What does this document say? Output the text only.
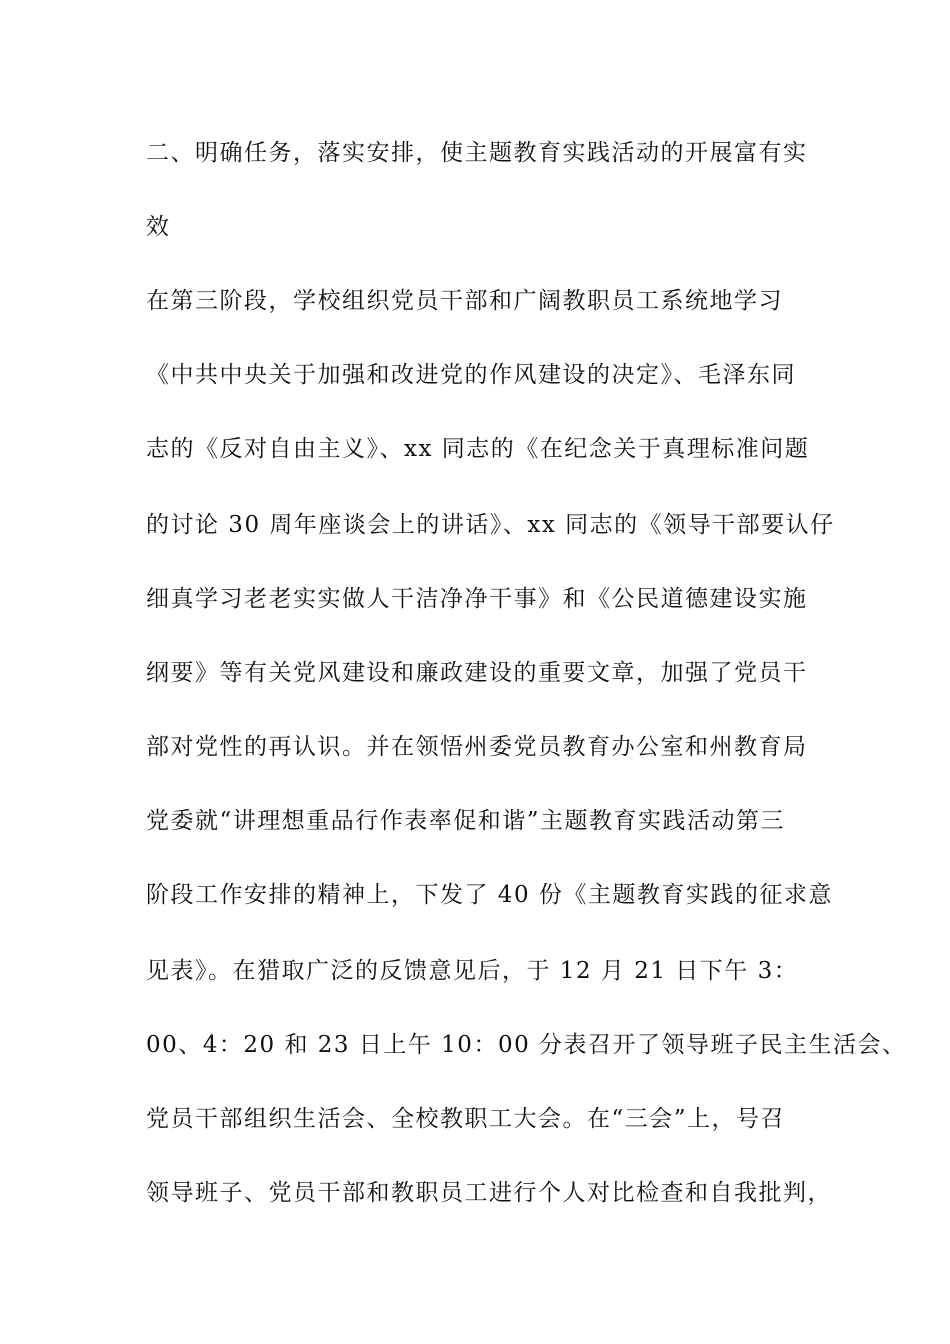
二、明确任务，落实安排，使主题教育实践活动的开展富有实
效
在第三阶段，学校组织党员干部和广阔教职员工系统地学习
《中共中央关于加强和改进党的作风建设的决定》、毛泽东同
志的《反对自由主义》、xx 同志的《在纪念关于真理标准问题
的讨论 30 周年座谈会上的讲话》、xx 同志的《领导干部要认仔
细真学习老老实实做人干洁净净干事》和《公民道德建设实施
纲要》等有关党风建设和廉政建设的重要文章，加强了党员干
部对党性的再认识。并在领悟州委党员教育办公室和州教育局
党委就“讲理想重品行作表率促和谐”主题教育实践活动第三
阶段工作安排的精神上，下发了 40 份《主题教育实践的征求意
见表》。在猎取广泛的反馈意见后，于 12 月 21 日下午 3：
00、4：20 和 23 日上午 10：00 分表召开了领导班子民主生活会、
党员干部组织生活会、全校教职工大会。在“三会”上，号召
领导班子、党员干部和教职员工进行个人对比检查和自我批判，
